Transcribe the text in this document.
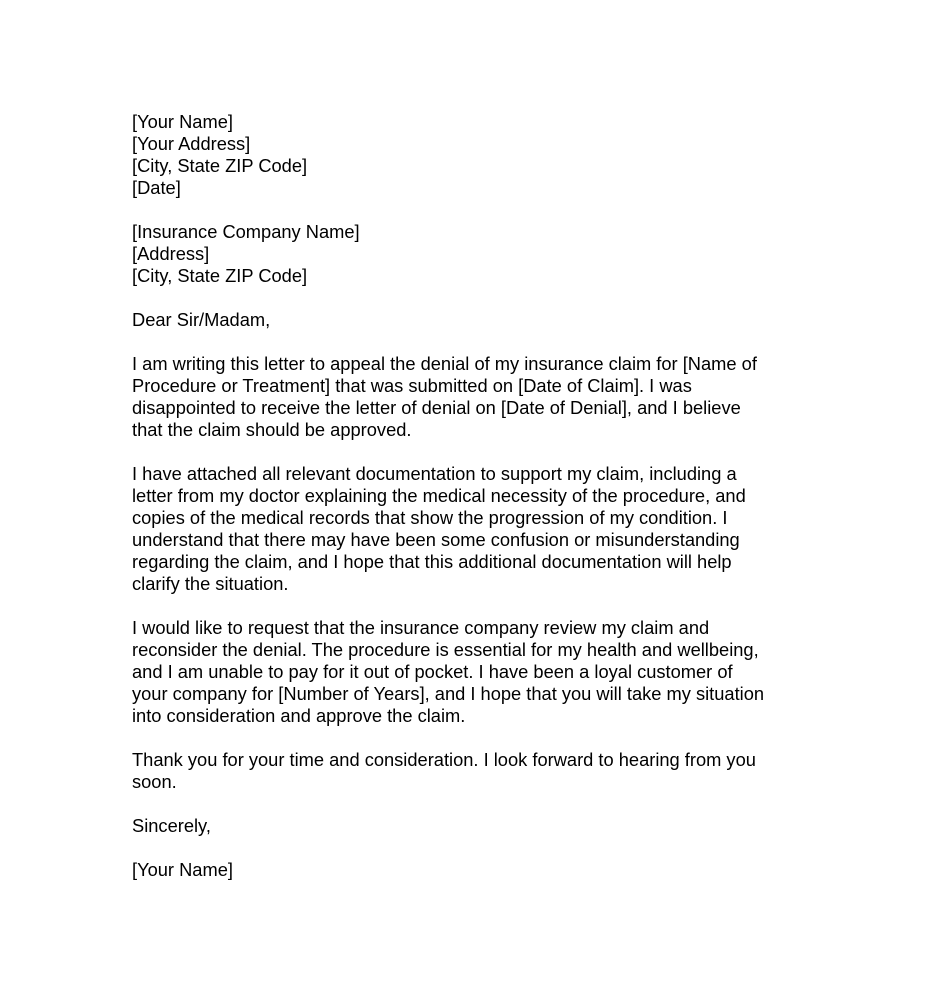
[Your Name]
[Your Address]
[City, State ZIP Code]
[Date]
[Insurance Company Name]
[Address]
[City, State ZIP Code]
Dear Sir/Madam,

I am writing this letter to appeal the denial of my insurance claim for [Name of
Procedure or Treatment] that was submitted on [Date of Claim]. I was
disappointed to receive the letter of denial on [Date of Denial], and I believe
that the claim should be approved.

I have attached all relevant documentation to support my claim, including a
letter from my doctor explaining the medical necessity of the procedure, and
copies of the medical records that show the progression of my condition. I
understand that there may have been some confusion or misunderstanding
regarding the claim, and I hope that this additional documentation will help
clarify the situation.

I would like to request that the insurance company review my claim and
reconsider the denial. The procedure is essential for my health and wellbeing,
and I am unable to pay for it out of pocket. I have been a loyal customer of
your company for [Number of Years], and I hope that you will take my situation
into consideration and approve the claim.

Thank you for your time and consideration. I look forward to hearing from you
soon.

Sincerely,
[Your Name]
